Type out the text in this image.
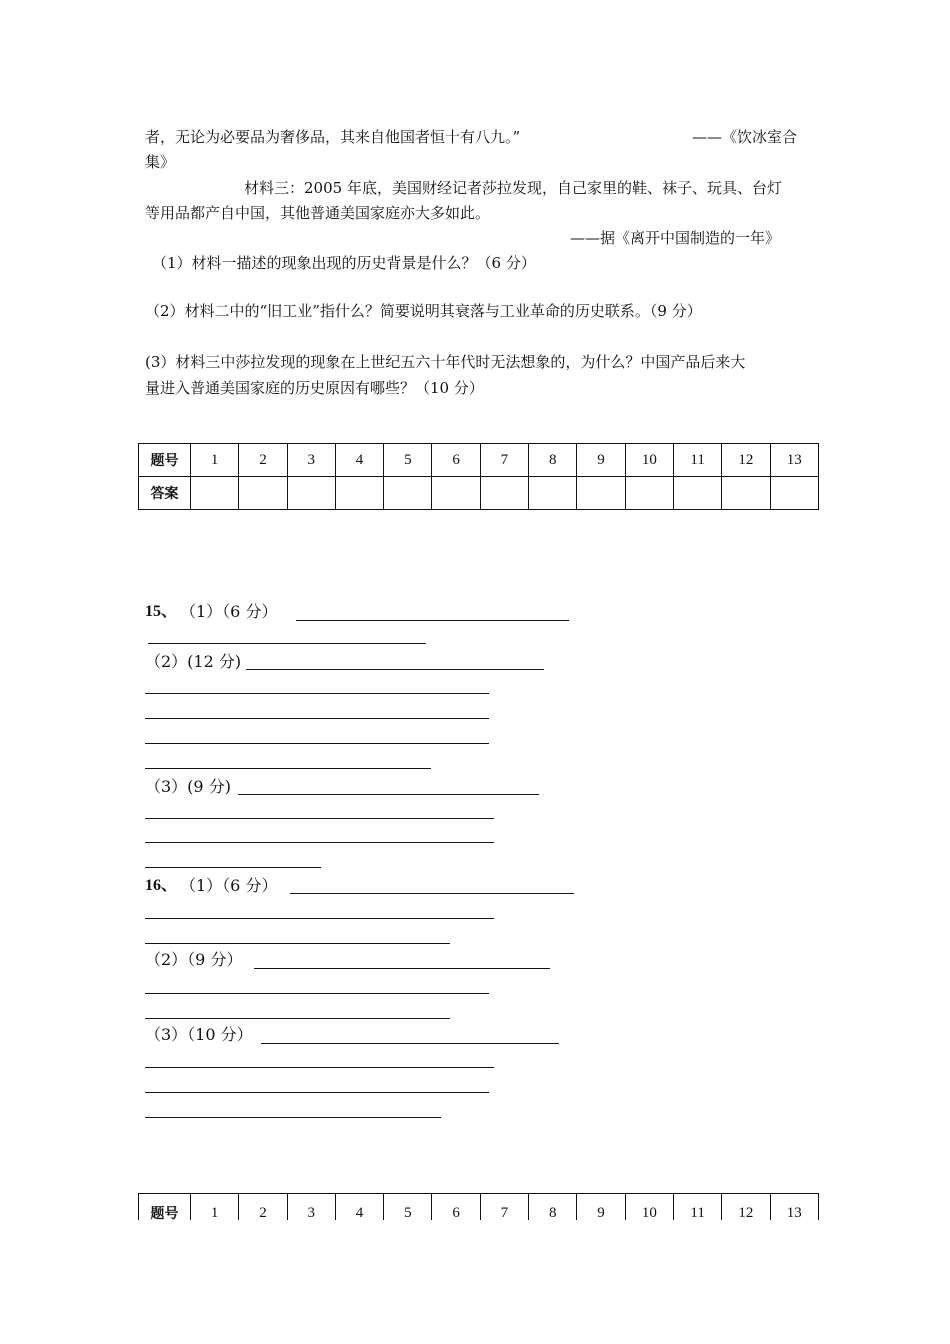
者，无论为必要品为奢侈品，其来自他国者恒十有八九。”	——《饮冰室合
集》
材料三：2005 年底，美国财经记者莎拉发现，自己家里的鞋、袜子、玩具、台灯
等用品都产自中国，其他普通美国家庭亦大多如此。
——据《离开中国制造的一年》
（1）材料一描述的现象出现的历史背景是什么？（6 分）
（2）材料二中的“旧工业”指什么？简要说明其衰落与工业革命的历史联系。（9 分）
(3）材料三中莎拉发现的现象在上世纪五六十年代时无法想象的，为什么？中国产品后来大
量进入普通美国家庭的历史原因有哪些？（10 分）
题号	1	2	3	4	5	6	7	8	9	10	11	12	13
答案													
15、 （1）（6 分）
（2）(12 分)
（3）(9 分)
16、 （1）（6 分）
（2）（9 分）
（3）（10 分）
题号	1	2	3	4	5	6	7	8	9	10	11	12	13
